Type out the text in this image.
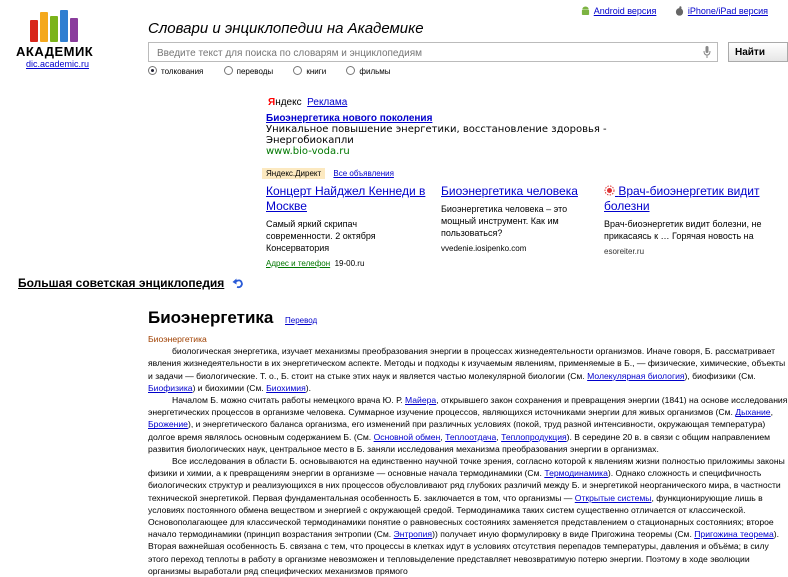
АКАДЕМИК
dic.academic.ru
Словари и энциклопедии на Академике
Android версия	iPhone/iPad версия
Введите текст для поиска по словарям и энциклопедиям
Найти
толкования	переводы	книги	фильмы
Яндекс Реклама
Биоэнергетика нового поколения
Уникальное повышение энергетики, восстановление здоровья - Энергобиокапли
www.bio-voda.ru
Яндекс.Директ Все объявления
Концерт Найджел Кеннеди в Москве
Самый яркий скрипач современности. 2 октября Консерватория
Адрес и телефон 19-00.ru
Биоэнергетика человека
Биоэнергетика человека – это мощный инструмент. Как им пользоваться?
vvedenie.iosipenko.com
Врач-биоэнергетик видит болезни
Врач-биоэнергетик видит болезни, не прикасаясь к … Горячая новость на
esoreiter.ru
Большая советская энциклопедия
Биоэнергетика Перевод
Биоэнергетика

биологическая энергетика, изучает механизмы преобразования энергии в процессах жизнедеятельности организмов. Иначе говоря, Б. рассматривает явления жизнедеятельности в их энергетическом аспекте. Методы и подходы к изучаемым явлениям, применяемые в Б., — физические, химические, объекты и задачи — биологические. Т. о., Б. стоит на стыке этих наук и является частью молекулярной биологии (См. Молекулярная биология), биофизики (См. Биофизика) и биохимии (См. Биохимия).

Началом Б. можно считать работы немецкого врача Ю. Р. Майера, открывшего закон сохранения и превращения энергии (1841) на основе исследования энергетических процессов в организме человека. Суммарное изучение процессов, являющихся источниками энергии для живых организмов (См. Дыхание, Брожение), и энергетического баланса организма, его изменений при различных условиях (покой, труд разной интенсивности, окружающая температура) долгое время являлось основным содержанием Б. (См. Основной обмен, Теплоотдача, Теплопродукция). В середине 20 в. в связи с общим направлением развития биологических наук, центральное место в Б. заняли исследования механизма преобразования энергии в организмах.

Все исследования в области Б. основываются на единственно научной точке зрения, согласно которой к явлениям жизни полностью приложимы законы физики и химии, а к превращениям энергии в организме — основные начала термодинамики (См. Термодинамика). Однако сложность и специфичность биологических структур и реализующихся в них процессов обусловливают ряд глубоких различий между Б. и энергетикой неорганического мира, в частности технической энергетикой. Первая фундаментальная особенность Б. заключается в том, что организмы — Открытые системы, функционирующие лишь в условиях постоянного обмена веществом и энергией с окружающей средой. Термодинамика таких систем существенно отличается от классической. Основополагающее для классической термодинамики понятие о равновесных состояниях заменяется представлением о стационарных состояниях; второе начало термодинамики (принцип возрастания энтропии (См. Энтропия)) получает иную формулировку в виде Пригожина теоремы (См. Пригожина теорема). Вторая важнейшая особенность Б. связана с тем, что процессы в клетках идут в условиях отсутствия перепадов температуры, давления и объёма; в силу этого переход теплоты в работу в организме невозможен и тепловыделение представляет невозвратимую потерю энергии. Поэтому в ходе эволюции организмы выработали ряд специфических механизмов прямого
